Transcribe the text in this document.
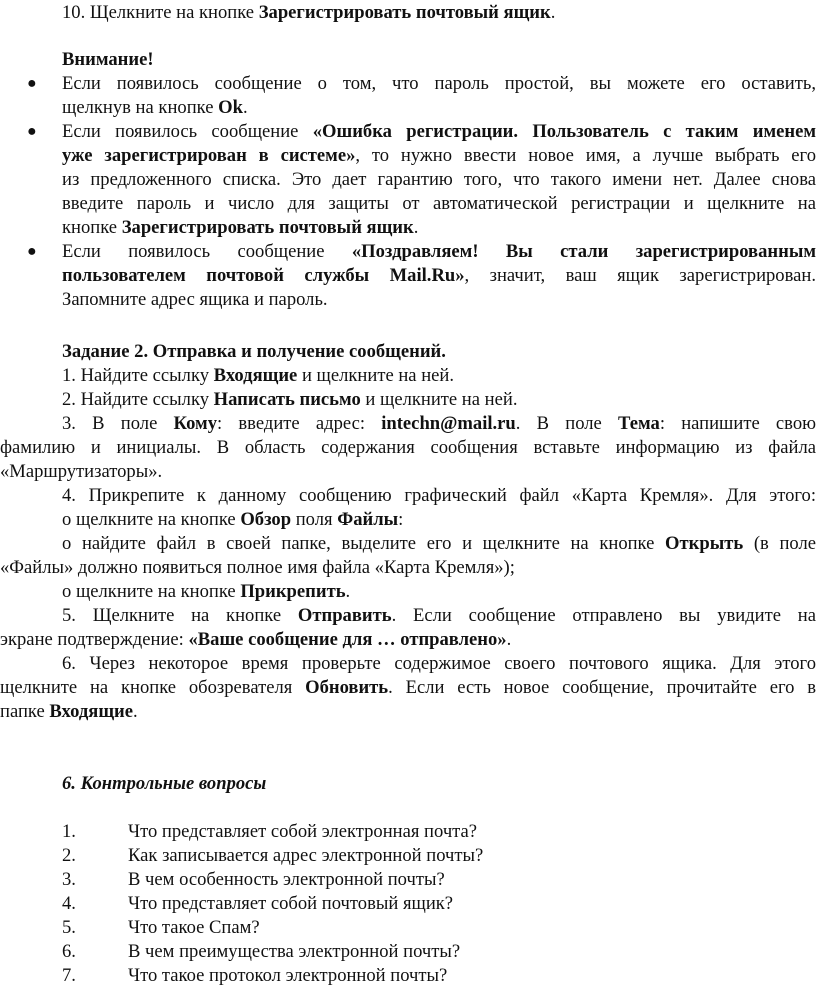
10. Щелкните на кнопке Зарегистрировать почтовый ящик.
Внимание!
● Если появилось сообщение о том, что пароль простой, вы можете его оставить,
щелкнув на кнопке Ok.
● Если появилось сообщение «Ошибка регистрации. Пользователь с таким именем
уже зарегистрирован в системе», то нужно ввести новое имя, а лучше выбрать его
из предложенного списка. Это дает гарантию того, что такого имени нет. Далее снова
введите пароль и число для защиты от автоматической регистрации и щелкните на
кнопке Зарегистрировать почтовый ящик.
● Если появилось сообщение «Поздравляем! Вы стали зарегистрированным
пользователем почтовой службы Mail.Ru», значит, ваш ящик зарегистрирован.
Запомните адрес ящика и пароль.
Задание 2. Отправка и получение сообщений.
1. Найдите ссылку Входящие и щелкните на ней.
2. Найдите ссылку Написать письмо и щелкните на ней.
3. В поле Кому: введите адрес: intechn@mail.ru. В поле Тема: напишите свою
фамилию и инициалы. В область содержания сообщения вставьте информацию из файла
«Маршрутизаторы».
4. Прикрепите к данному сообщению графический файл «Карта Кремля». Для этого:
o щелкните на кнопке Обзор поля Файлы:
o найдите файл в своей папке, выделите его и щелкните на кнопке Открыть (в поле
«Файлы» должно появиться полное имя файла «Карта Кремля»);
o щелкните на кнопке Прикрепить.
5. Щелкните на кнопке Отправить. Если сообщение отправлено вы увидите на
экране подтверждение: «Ваше сообщение для … отправлено».
6. Через некоторое время проверьте содержимое своего почтового ящика. Для этого
щелкните на кнопке обозревателя Обновить. Если есть новое сообщение, прочитайте его в
папке Входящие.
6. Контрольные вопросы
1.	Что представляет собой электронная почта?
2.	Как записывается адрес электронной почты?
3.	В чем особенность электронной почты?
4.	Что представляет собой почтовый ящик?
5.	Что такое Спам?
6.	В чем преимущества электронной почты?
7.	Что такое протокол электронной почты?
